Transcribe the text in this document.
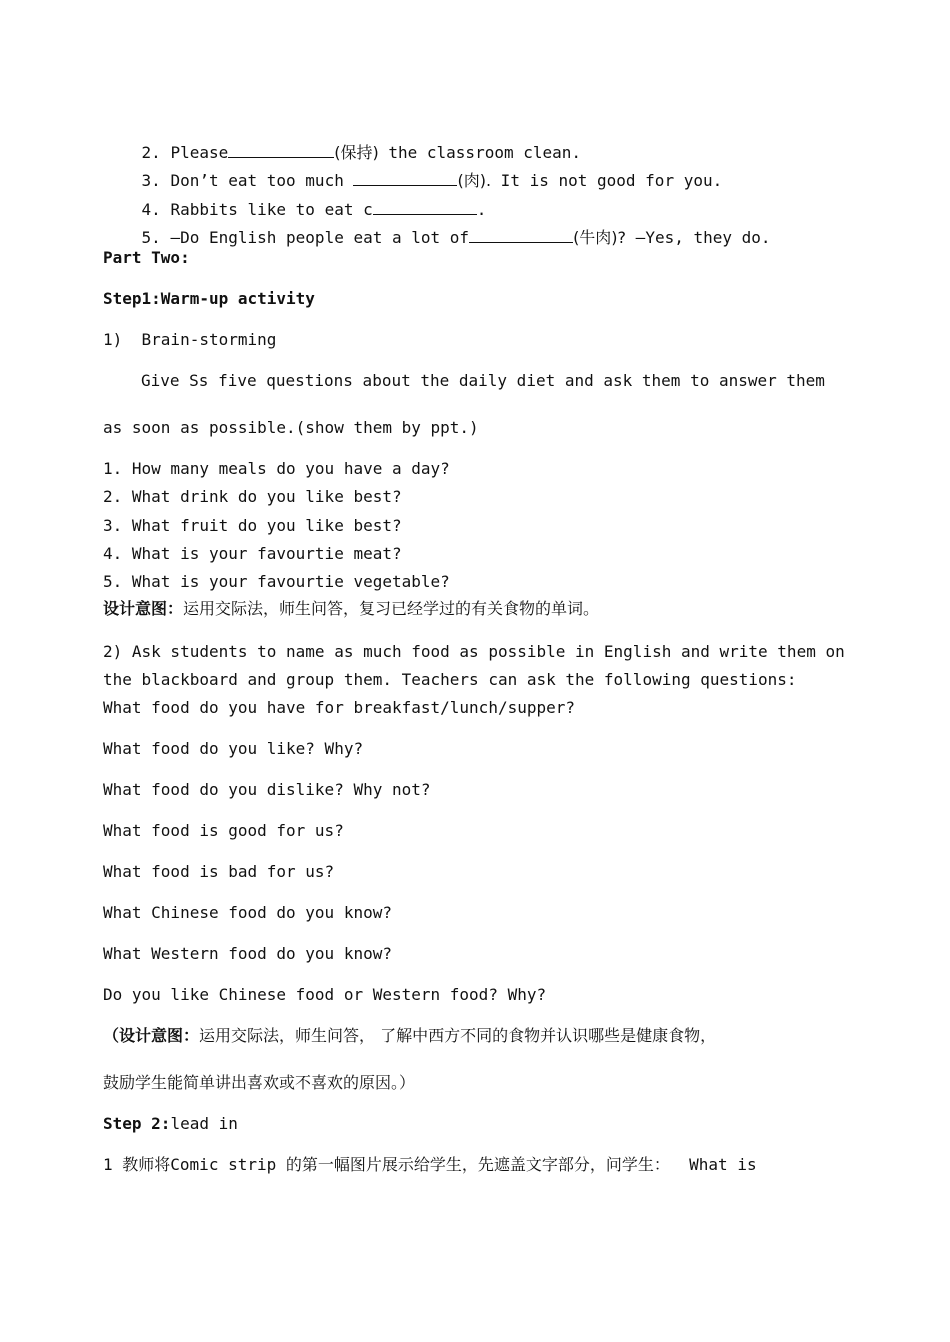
2. Please	(保持) the classroom clean.

3. Don’t eat too much	(肉). It is not good for you.

4. Rabbits like to eat c	.

5. —Do English people eat a lot of	(牛肉)? —Yes, they do.

Part Two:
Step1:Warm-up activity
1)  Brain-storming
Give Ss five questions about the daily diet and ask them to answer them
as soon as possible.(show them by ppt.)
1. How many meals do you have a day?
2. What drink do you like best?
3. What fruit do you like best?
4. What is your favourtie meat?
5. What is your favourtie vegetable?
设计意图：运用交际法，师生问答，复习已经学过的有关食物的单词。
2) Ask students to name as much food as possible in English and write them on
the blackboard and group them. Teachers can ask the following questions:
What food do you have for breakfast/lunch/supper?
What food do you like? Why?
What food do you dislike? Why not?
What food is good for us?
What food is bad for us?
What Chinese food do you know?
What Western food do you know?
Do you like Chinese food or Western food? Why?
（设计意图：运用交际法，师生问答， 了解中西方不同的食物并认识哪些是健康食物，
鼓励学生能简单讲出喜欢或不喜欢的原因。）
Step 2:lead in
1 教师将Comic strip 的第一幅图片展示给学生，先遮盖文字部分，问学生：  What is
